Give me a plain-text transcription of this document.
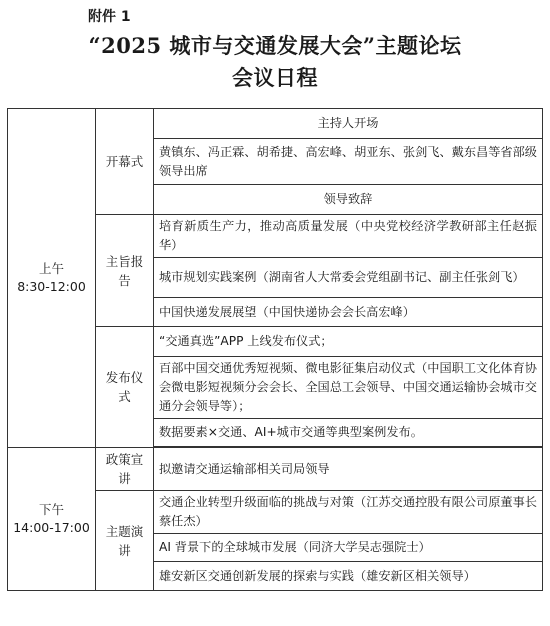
附件 1
“2025 城市与交通发展大会”主题论坛
会议日程
上午
8:30-12:00	开幕式	主持人开场
		黄镇东、冯正霖、胡希捷、高宏峰、胡亚东、张剑飞、戴东昌等省部级领导出席
		领导致辞
	主旨报告	培育新质生产力，推动高质量发展（中央党校经济学教研部主任赵振华）
		城市规划实践案例（湖南省人大常委会党组副书记、副主任张剑飞）
		中国快递发展展望（中国快递协会会长高宏峰）
	发布仪式	“交通真选”APP 上线发布仪式；
		百部中国交通优秀短视频、微电影征集启动仪式（中国职工文化体育协会微电影短视频分会会长、全国总工会领导、中国交通运输协会城市交通分会领导等）；
		数据要素×交通、AI+城市交通等典型案例发布。

下午
14:00-17:00	政策宣讲	拟邀请交通运输部相关司局领导
	主题演讲	交通企业转型升级面临的挑战与对策（江苏交通控股有限公司原董事长蔡任杰）
		AI 背景下的全球城市发展（同济大学吴志强院士）
		雄安新区交通创新发展的探索与实践（雄安新区相关领导）
